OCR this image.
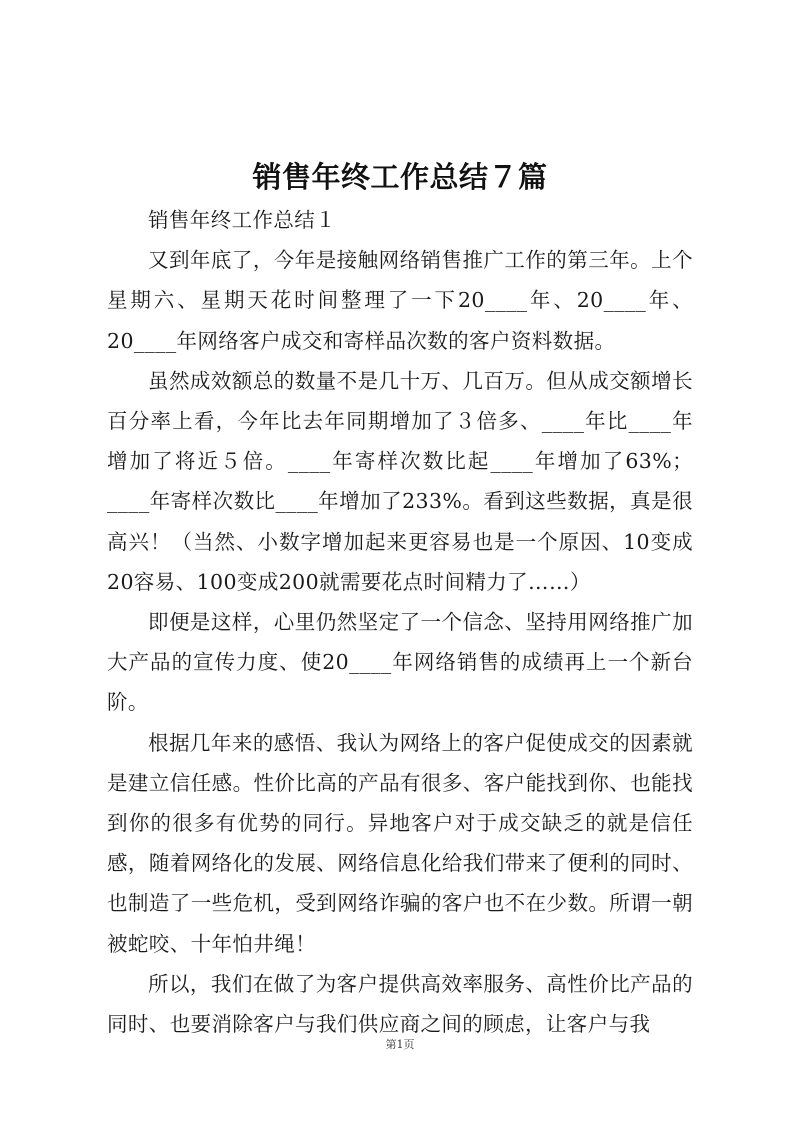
销售年终工作总结７篇

销售年终工作总结１

又到年底了，今年是接触网络销售推广工作的第三年。上个星期六、星期天花时间整理了一下20____年、20____年、20____年网络客户成交和寄样品次数的客户资料数据。

虽然成效额总的数量不是几十万、几百万。但从成交额增长百分率上看，今年比去年同期增加了３倍多、____年比____年增加了将近５倍。____年寄样次数比起____年增加了63%；____年寄样次数比____年增加了233%。看到这些数据，真是很高兴！（当然、小数字增加起来更容易也是一个原因、10变成20容易、100变成200就需要花点时间精力了……）

即便是这样，心里仍然坚定了一个信念、坚持用网络推广加大产品的宣传力度、使20____年网络销售的成绩再上一个新台阶。

根据几年来的感悟、我认为网络上的客户促使成交的因素就是建立信任感。性价比高的产品有很多、客户能找到你、也能找到你的很多有优势的同行。异地客户对于成交缺乏的就是信任感，随着网络化的发展、网络信息化给我们带来了便利的同时、也制造了一些危机，受到网络诈骗的客户也不在少数。所谓一朝被蛇咬、十年怕井绳！

所以，我们在做了为客户提供高效率服务、高性价比产品的同时、也要消除客户与我们供应商之间的顾虑，让客户与我

第1页
